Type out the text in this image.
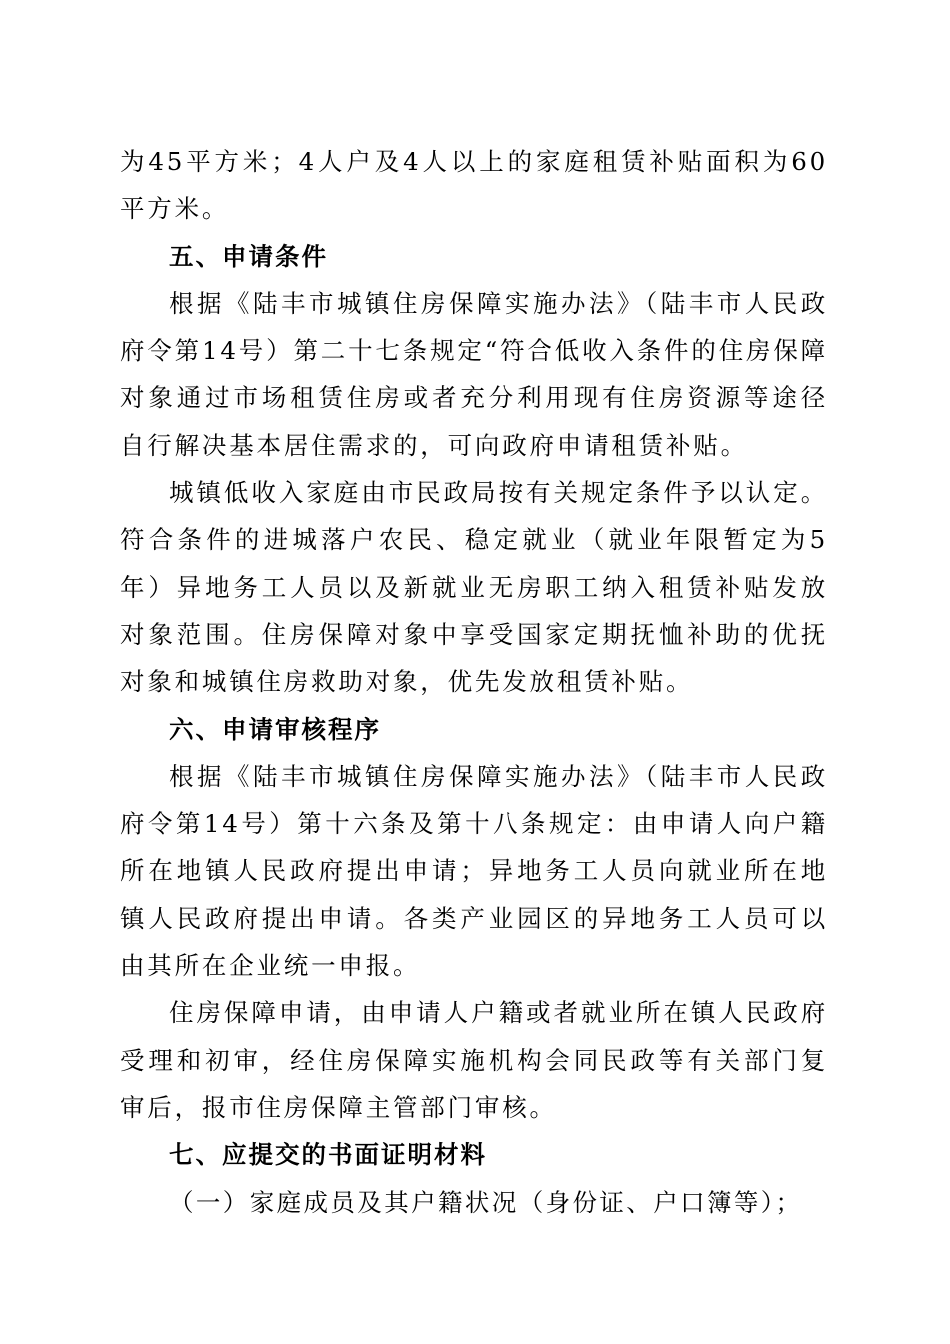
为45平方米；4人户及4人以上的家庭租赁补贴面积为60平方米。

五、申请条件

根据《陆丰市城镇住房保障实施办法》（陆丰市人民政府令第14号）第二十七条规定“符合低收入条件的住房保障对象通过市场租赁住房或者充分利用现有住房资源等途径自行解决基本居住需求的，可向政府申请租赁补贴。

城镇低收入家庭由市民政局按有关规定条件予以认定。符合条件的进城落户农民、稳定就业（就业年限暂定为5年）异地务工人员以及新就业无房职工纳入租赁补贴发放对象范围。住房保障对象中享受国家定期抚恤补助的优抚对象和城镇住房救助对象，优先发放租赁补贴。

六、申请审核程序

根据《陆丰市城镇住房保障实施办法》（陆丰市人民政府令第14号）第十六条及第十八条规定：由申请人向户籍所在地镇人民政府提出申请；异地务工人员向就业所在地镇人民政府提出申请。各类产业园区的异地务工人员可以由其所在企业统一申报。

住房保障申请，由申请人户籍或者就业所在镇人民政府受理和初审，经住房保障实施机构会同民政等有关部门复审后，报市住房保障主管部门审核。

七、应提交的书面证明材料

（一）家庭成员及其户籍状况（身份证、户口簿等）；
